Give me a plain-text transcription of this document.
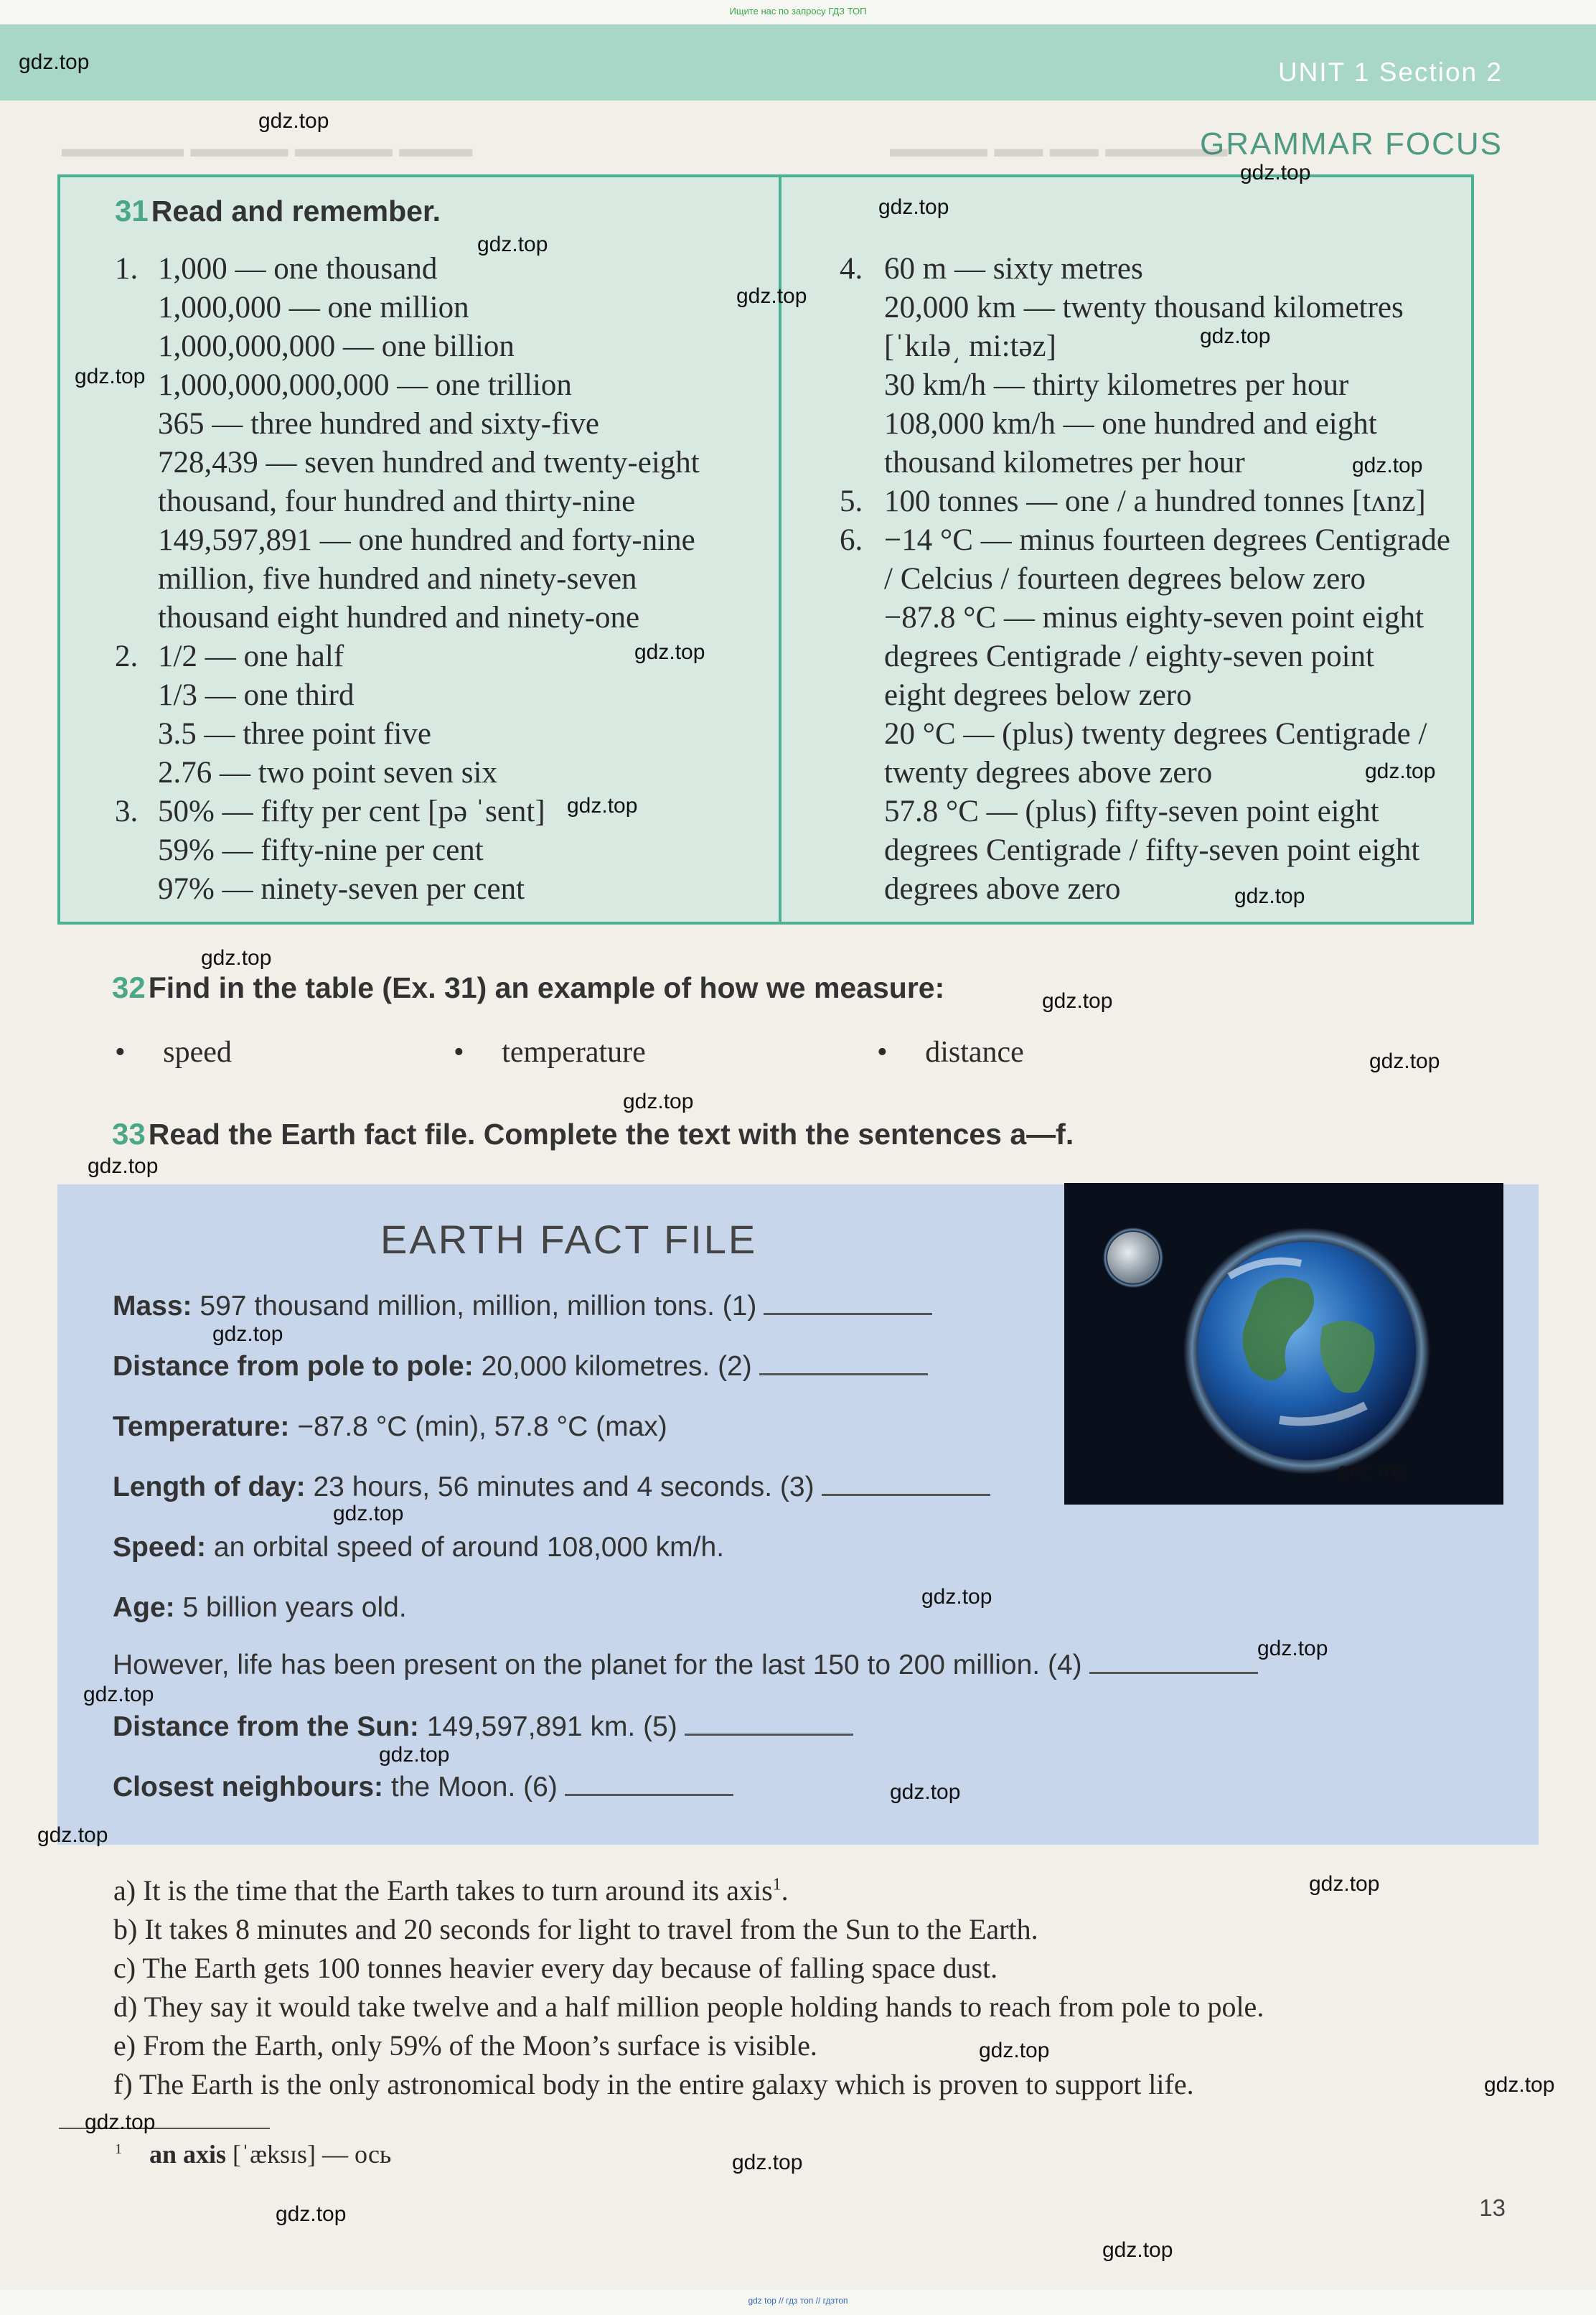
Ищите нас по запросу ГДЗ ТОП
UNIT 1 Section 2
GRAMMAR FOCUS
▬▬▬▬▬ ▬▬▬▬ ▬▬▬▬ ▬▬▬	▬▬▬▬ ▬▬ ▬▬ ▬▬▬▬▬
31 Read and remember.
1. 1,000 — one thousand
1,000,000 — one million
1,000,000,000 — one billion
1,000,000,000,000 — one trillion
365 — three hundred and sixty-five
728,439 — seven hundred and twenty-eight
thousand, four hundred and thirty-nine
149,597,891 — one hundred and forty-nine
million, five hundred and ninety-seven
thousand eight hundred and ninety-one
2. 1/2 — one half
1/3 — one third
3.5 — three point five
2.76 — two point seven six
3. 50% — fifty per cent [pə ˈsent]
59% — fifty-nine per cent
97% — ninety-seven per cent
4. 60 m — sixty metres
20,000 km — twenty thousand kilometres
[ˈkɪlə͵ mi:təz]
30 km/h — thirty kilometres per hour
108,000 km/h — one hundred and eight
thousand kilometres per hour
5. 100 tonnes — one / a hundred tonnes [tʌnz]
6. −14 °C — minus fourteen degrees Centigrade
/ Celcius / fourteen degrees below zero
−87.8 °C — minus eighty-seven point eight
degrees Centigrade / eighty-seven point
eight degrees below zero
20 °C — (plus) twenty degrees Centigrade /
twenty degrees above zero
57.8 °C — (plus) fifty-seven point eight
degrees Centigrade / fifty-seven point eight
degrees above zero
32 Find in the table (Ex. 31) an example of how we measure:
•     speed	•     temperature	•     distance
33 Read the Earth fact file. Complete the text with the sentences a—f.
EARTH FACT FILE
Mass: 597 thousand million, million, million tons. (1)
Distance from pole to pole: 20,000 kilometres. (2)
Temperature: −87.8 °C (min), 57.8 °C (max)
Length of day: 23 hours, 56 minutes and 4 seconds. (3)
Speed: an orbital speed of around 108,000 km/h.
Age: 5 billion years old.
However, life has been present on the planet for the last 150 to 200 million. (4)
Distance from the Sun: 149,597,891 km. (5)
Closest neighbours: the Moon. (6)
a) It is the time that the Earth takes to turn around its axis$^1$.
b) It takes 8 minutes and 20 seconds for light to travel from the Sun to the Earth.
c) The Earth gets 100 tonnes heavier every day because of falling space dust.
d) They say it would take twelve and a half million people holding hands to reach from pole to pole.
e) From the Earth, only 59% of the Moon’s surface is visible.
f) The Earth is the only astronomical body in the entire galaxy which is proven to support life.
$^1$ an axis [ˈæksɪs] — ось
13
gdz top // гдз топ // гдзтоп
gdz.top
gdz.top
gdz.top
gdz.top
gdz.top
gdz.top
gdz.top
gdz.top
gdz.top
gdz.top
gdz.top
gdz.top
gdz.top
gdz.top
gdz.top
gdz.top
gdz.top
gdz.top
gdz.top
gdz.top
gdz.top
gdz.top
gdz.top
gdz.top
gdz.top
gdz.top
gdz.top
gdz.top
gdz.top
gdz.top
gdz.top
gdz.top
gdz.top
gdz.top
